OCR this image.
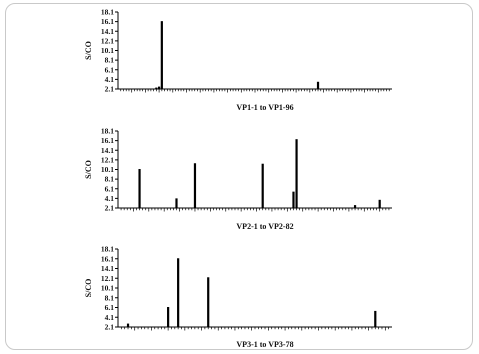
18.1
16.1
14.1
12.1
10.1
8.1
6.1
4.1
2.1
S/CO
VP1-1 to VP1-96
18.1
16.1
14.1
12.1
10.1
8.1
6.1
4.1
2.1
S/CO
VP2-1 to VP2-82
18.1
16.1
14.1
12.1
10.1
8.1
6.1
4.1
2.1
S/CO
VP3-1 to VP3-78
